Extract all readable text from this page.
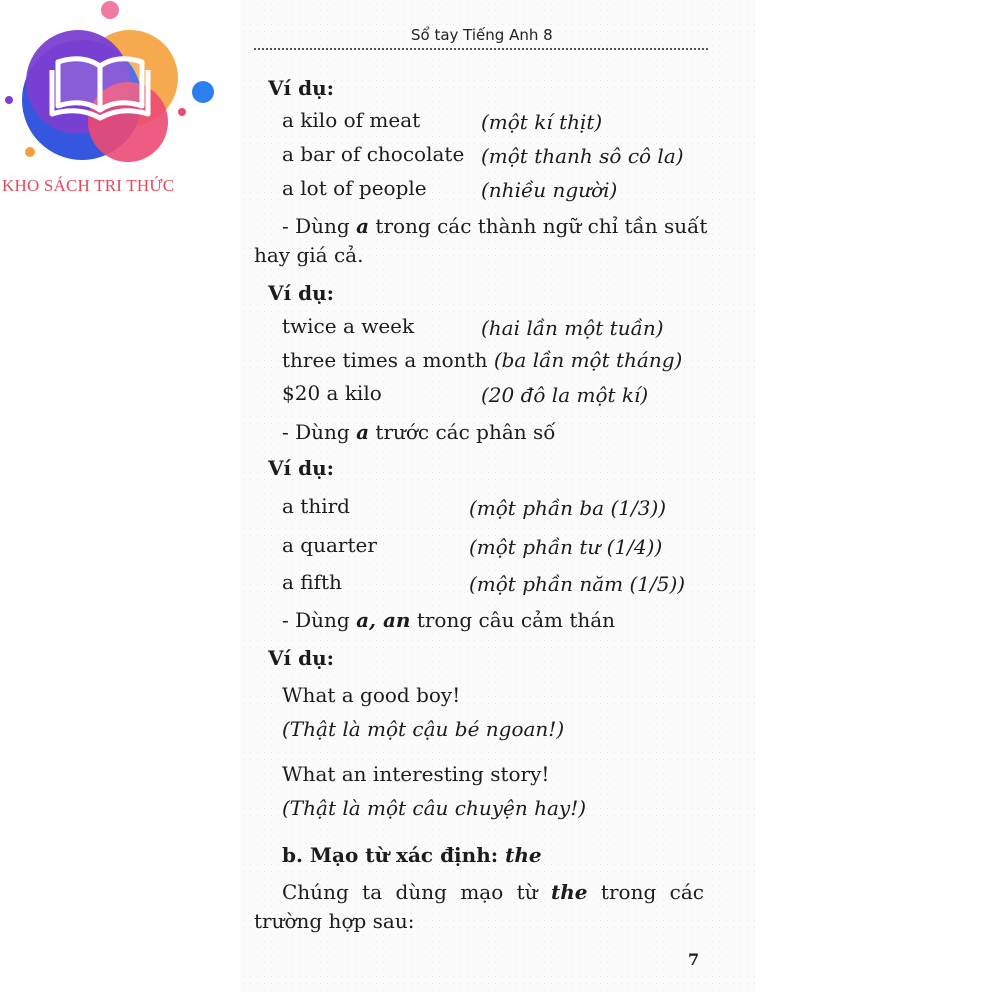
KHO SÁCH TRI THỨC
Sổ tay Tiếng Anh 8
Ví dụ:
a kilo of meat	(một kí thịt)
a bar of chocolate (một thanh sô cô la)
a lot of people	(nhiều người)
- Dùng a trong các thành ngữ chỉ tần suất
hay giá cả.
Ví dụ:
twice a week	(hai lần một tuần)
three times a month (ba lần một tháng)
$20 a kilo	(20 đô la một kí)
- Dùng a trước các phân số
Ví dụ:
a third	(một phần ba (1/3))
a quarter	(một phần tư (1/4))
a fifth	(một phần năm (1/5))
- Dùng a, an trong câu cảm thán
Ví dụ:
What a good boy!
(Thật là một cậu bé ngoan!)
What an interesting story!
(Thật là một câu chuyện hay!)
b. Mạo từ xác định: the
Chúng ta dùng mạo từ the trong các
trường hợp sau:
7
